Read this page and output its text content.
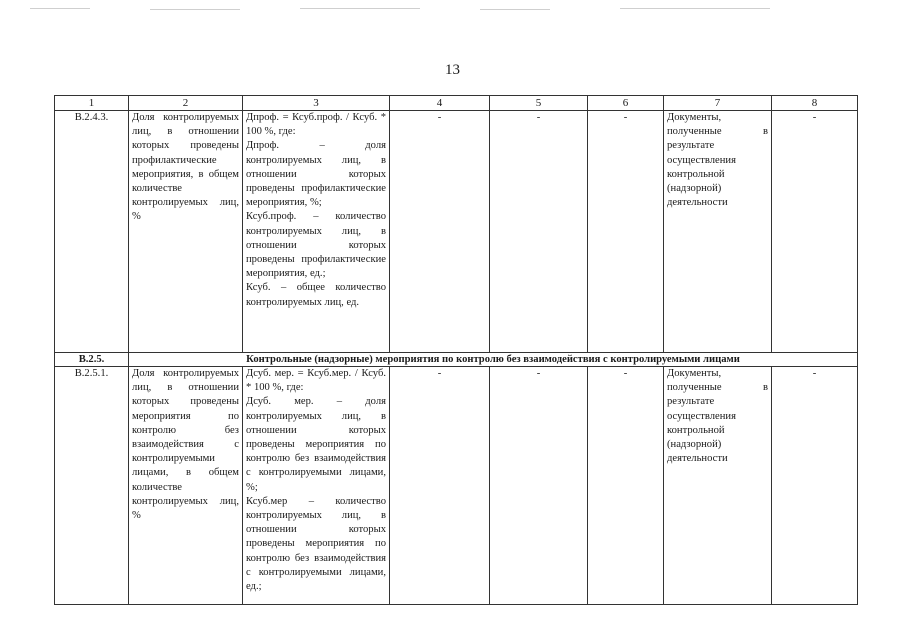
13
1	2	3	4	5	6	7	8
В.2.4.3.	Доля контролируемых лиц, в отношении которых проведены профилактические мероприятия, в общем количестве контролируемых лиц, %	Дпроф. = Ксуб.проф. / Ксуб. * 100 %, где:
Дпроф. – доля контролируемых лиц, в отношении которых проведены профилактические мероприятия, %;
Ксуб.проф. – количество контролируемых лиц, в отношении которых проведены профилактические мероприятия, ед.;
Ксуб. – общее количество контролируемых лиц, ед.	-	-	-	Документы, полученные в результате осуществления контрольной (надзорной) деятельности	-
В.2.5.	Контрольные (надзорные) мероприятия по контролю без взаимодействия с контролируемыми лицами						
В.2.5.1.	Доля контролируемых лиц, в отношении которых проведены мероприятия по контролю без взаимодействия с контролируемыми лицами, в общем количестве контролируемых лиц, %	Дсуб. мер. = Ксуб.мер. / Ксуб. * 100 %, где:
Дсуб. мер. – доля контролируемых лиц, в отношении которых проведены мероприятия по контролю без взаимодействия с контролируемыми лицами, %;
Ксуб.мер – количество контролируемых лиц, в отношении которых проведены мероприятия по контролю без взаимодействия с контролируемыми лицами, ед.;	-	-	-	Документы, полученные в результате осуществления контрольной (надзорной) деятельности	-
